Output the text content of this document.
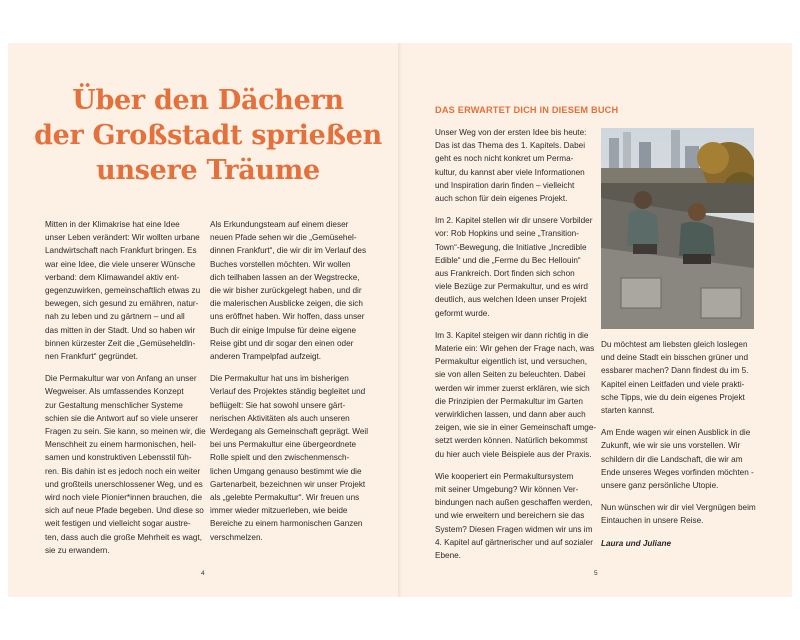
Über den Dächern
der Großstadt sprießen
unsere Träume

Mitten in der Klimakrise hat eine Idee
unser Leben verändert: Wir wollten urbane
Landwirtschaft nach Frankfurt bringen. Es
war eine Idee, die viele unserer Wünsche
verband: dem Klimawandel aktiv ent-
gegenzuwirken, gemeinschaftlich etwas zu
bewegen, sich gesund zu ernähren, natur-
nah zu leben und zu gärtnern – und all
das mitten in der Stadt. Und so haben wir
binnen kürzester Zeit die „Gemüseheldln-
nen Frankfurt“ gegründet.

Die Permakultur war von Anfang an unser
Wegweiser. Als umfassendes Konzept
zur Gestaltung menschlicher Systeme
schien sie die Antwort auf so viele unserer
Fragen zu sein. Sie kann, so meinen wir, die
Menschheit zu einem harmonischen, heil-
samen und konstruktiven Lebensstil füh-
ren. Bis dahin ist es jedoch noch ein weiter
und großteils unerschlossener Weg, und es
wird noch viele Pionier*innen brauchen, die
sich auf neue Pfade begeben. Und diese so
weit festigen und vielleicht sogar austre-
ten, dass auch die große Mehrheit es wagt,
sie zu erwandern.

Als Erkundungsteam auf einem dieser
neuen Pfade sehen wir die „Gemüsehel-
dinnen Frankfurt“, die wir dir im Verlauf des
Buches vorstellen möchten. Wir wollen
dich teilhaben lassen an der Wegstrecke,
die wir bisher zurückgelegt haben, und dir
die malerischen Ausblicke zeigen, die sich
uns eröffnet haben. Wir hoffen, dass unser
Buch dir einige Impulse für deine eigene
Reise gibt und dir sogar den einen oder
anderen Trampelpfad aufzeigt.

Die Permakultur hat uns im bisherigen
Verlauf des Projektes ständig begleitet und
beflügelt: Sie hat sowohl unsere gärt-
nerischen Aktivitäten als auch unseren
Werdegang als Gemeinschaft geprägt. Weil
bei uns Permakultur eine übergeordnete
Rolle spielt und den zwischenmensch-
lichen Umgang genauso bestimmt wie die
Gartenarbeit, bezeichnen wir unser Projekt
als „gelebte Permakultur“. Wir freuen uns
immer wieder mitzuerleben, wie beide
Bereiche zu einem harmonischen Ganzen
verschmelzen.

4
DAS ERWARTET DICH IN DIESEM BUCH

Unser Weg von der ersten Idee bis heute:
Das ist das Thema des 1. Kapitels. Dabei
geht es noch nicht konkret um Perma-
kultur, du kannst aber viele Informationen
und Inspiration darin finden – vielleicht
auch schon für dein eigenes Projekt.

Im 2. Kapitel stellen wir dir unsere Vorbilder
vor: Rob Hopkins und seine „Transition-
Town“-Bewegung, die Initiative „Incredible
Edible“ und die „Ferme du Bec Hellouin“
aus Frankreich. Dort finden sich schon
viele Bezüge zur Permakultur, und es wird
deutlich, aus welchen Ideen unser Projekt
geformt wurde.

Im 3. Kapitel steigen wir dann richtig in die
Materie ein: Wir gehen der Frage nach, was
Permakultur eigentlich ist, und versuchen,
sie von allen Seiten zu beleuchten. Dabei
werden wir immer zuerst erklären, wie sich
die Prinzipien der Permakultur im Garten
verwirklichen lassen, und dann aber auch
zeigen, wie sie in einer Gemeinschaft umge-
setzt werden können. Natürlich bekommst
du hier auch viele Beispiele aus der Praxis.

Wie kooperiert ein Permakultursystem
mit seiner Umgebung? Wir können Ver-
bindungen nach außen geschaffen werden,
und wie erweitern und bereichern sie das
System? Diesen Fragen widmen wir uns im
4. Kapitel auf gärtnerischer und auf sozialer
Ebene.

Du möchtest am liebsten gleich loslegen
und deine Stadt ein bisschen grüner und
essbarer machen? Dann findest du im 5.
Kapitel einen Leitfaden und viele prakti-
sche Tipps, wie du dein eigenes Projekt
starten kannst.

Am Ende wagen wir einen Ausblick in die
Zukunft, wie wir sie uns vorstellen. Wir
schildern dir die Landschaft, die wir am
Ende unseres Weges vorfinden möchten -
unsere ganz persönliche Utopie.

Nun wünschen wir dir viel Vergnügen beim
Eintauchen in unsere Reise.

Laura und Juliane

5
